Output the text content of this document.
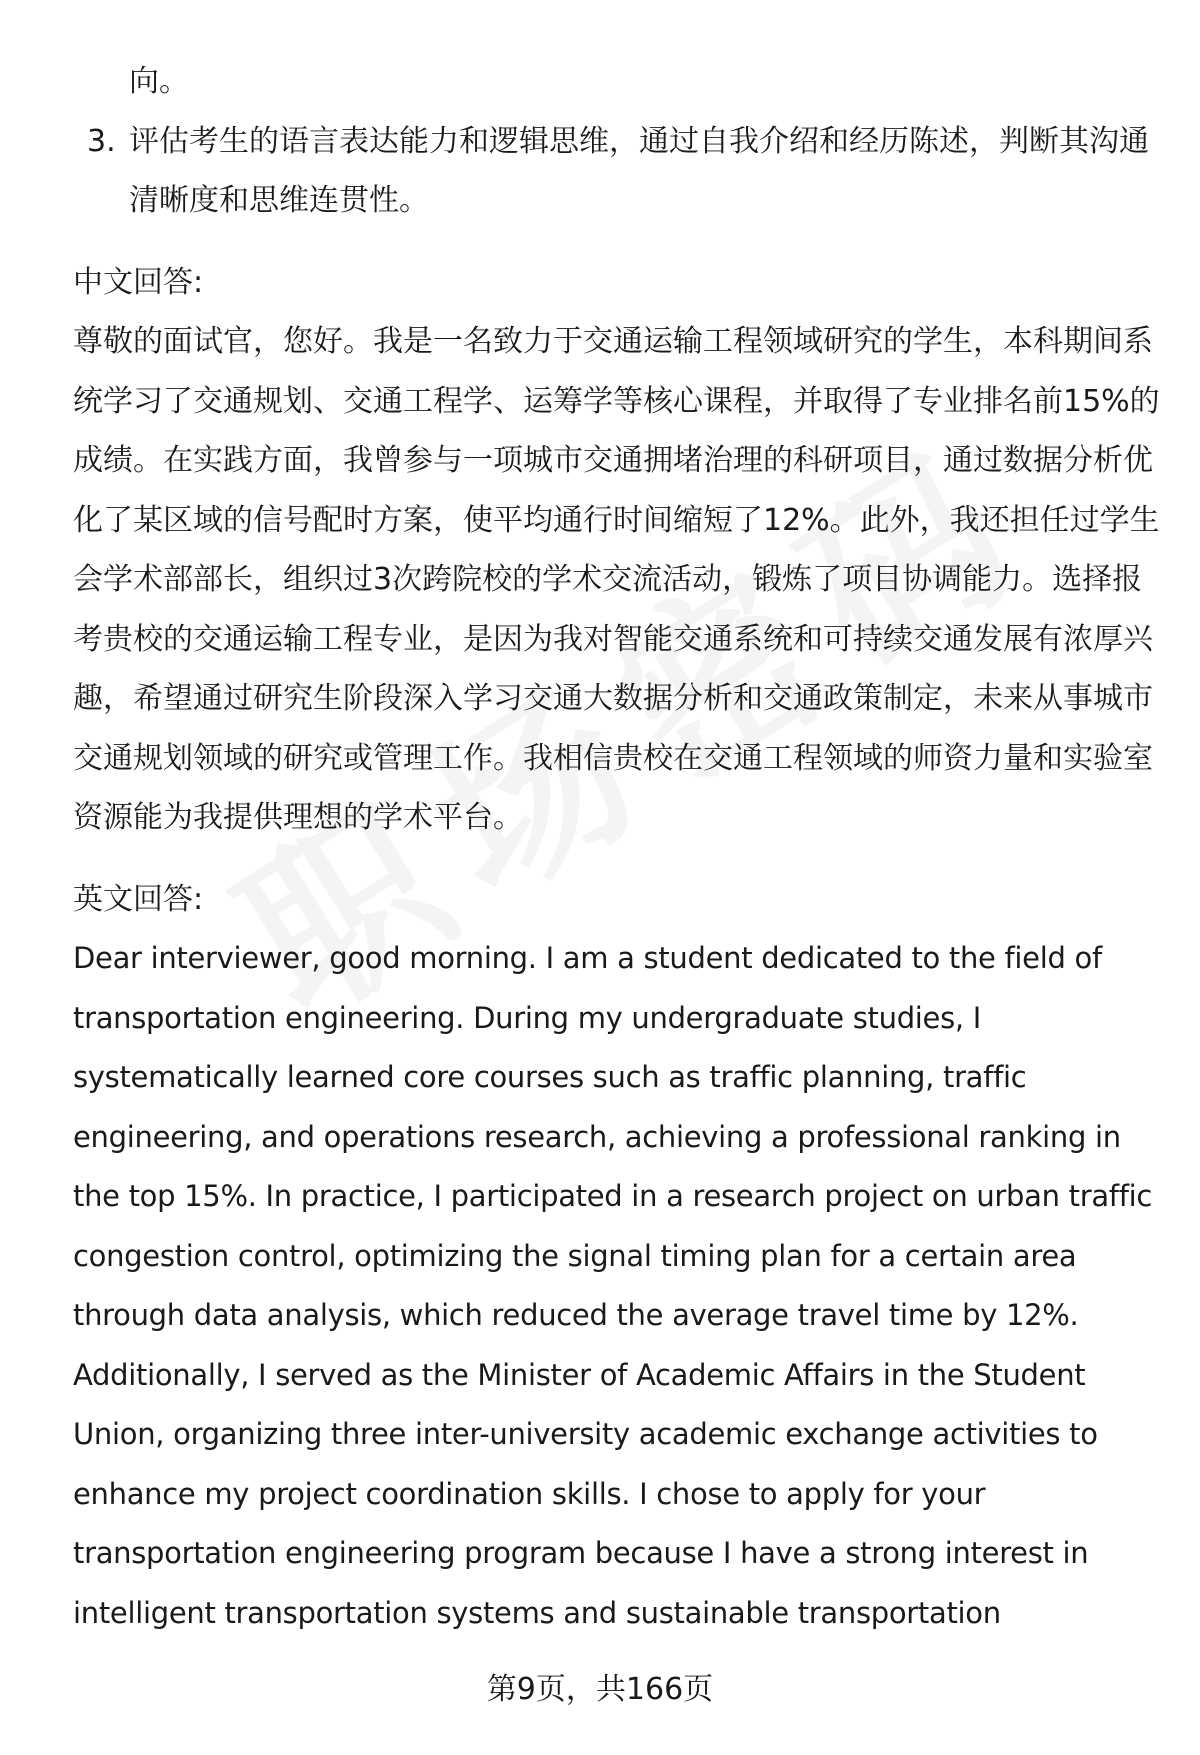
向。

3. 评估考生的语言表达能力和逻辑思维，通过自我介绍和经历陈述，判断其沟通

清晰度和思维连贯性。

中文回答:

尊敬的面试官，您好。我是一名致力于交通运输工程领域研究的学生，本科期间系

统学习了交通规划、交通工程学、运筹学等核心课程，并取得了专业排名前15%的

成绩。在实践方面，我曾参与一项城市交通拥堵治理的科研项目，通过数据分析优

化了某区域的信号配时方案，使平均通行时间缩短了12%。此外，我还担任过学生

会学术部部长，组织过3次跨院校的学术交流活动，锻炼了项目协调能力。选择报

考贵校的交通运输工程专业，是因为我对智能交通系统和可持续交通发展有浓厚兴

趣，希望通过研究生阶段深入学习交通大数据分析和交通政策制定，未来从事城市

交通规划领域的研究或管理工作。我相信贵校在交通工程领域的师资力量和实验室

资源能为我提供理想的学术平台。

英文回答:

Dear interviewer, good morning. I am a student dedicated to the field of

transportation engineering. During my undergraduate studies, I

systematically learned core courses such as traffic planning, traffic

engineering, and operations research, achieving a professional ranking in

the top 15%. In practice, I participated in a research project on urban traffic

congestion control, optimizing the signal timing plan for a certain area

through data analysis, which reduced the average travel time by 12%.

Additionally, I served as the Minister of Academic Affairs in the Student

Union, organizing three inter-university academic exchange activities to

enhance my project coordination skills. I chose to apply for your

transportation engineering program because I have a strong interest in

intelligent transportation systems and sustainable transportation

第9页，共166页
